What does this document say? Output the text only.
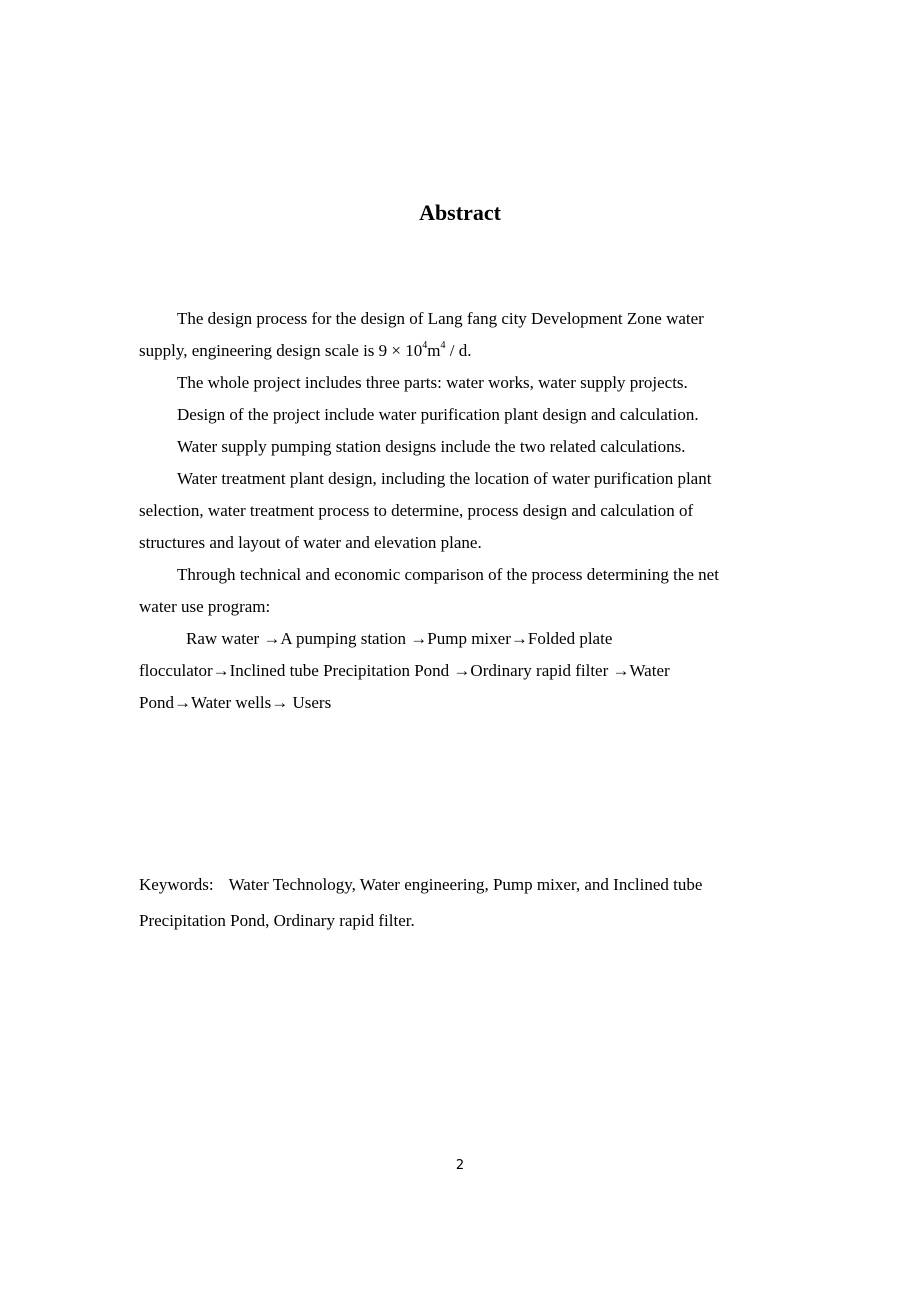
Abstract
The design process for the design of Lang fang city Development Zone water
supply, engineering design scale is $9 \times 10^4m^4 / d$.
The whole project includes three parts: water works, water supply projects.
Design of the project include water purification plant design and calculation.
Water supply pumping station designs include the two related calculations.
Water treatment plant design, including the location of water purification plant
selection, water treatment process to determine, process design and calculation of
structures and layout of water and elevation plane.
Through technical and economic comparison of the process determining the net
water use program:
Raw water →A pumping station →Pump mixer→Folded plate
flocculator→Inclined tube Precipitation Pond →Ordinary rapid filter →Water
Pond→Water wells→ Users
Keywords: Water Technology, Water engineering, Pump mixer, and Inclined tube
Precipitation Pond, Ordinary rapid filter.
2
